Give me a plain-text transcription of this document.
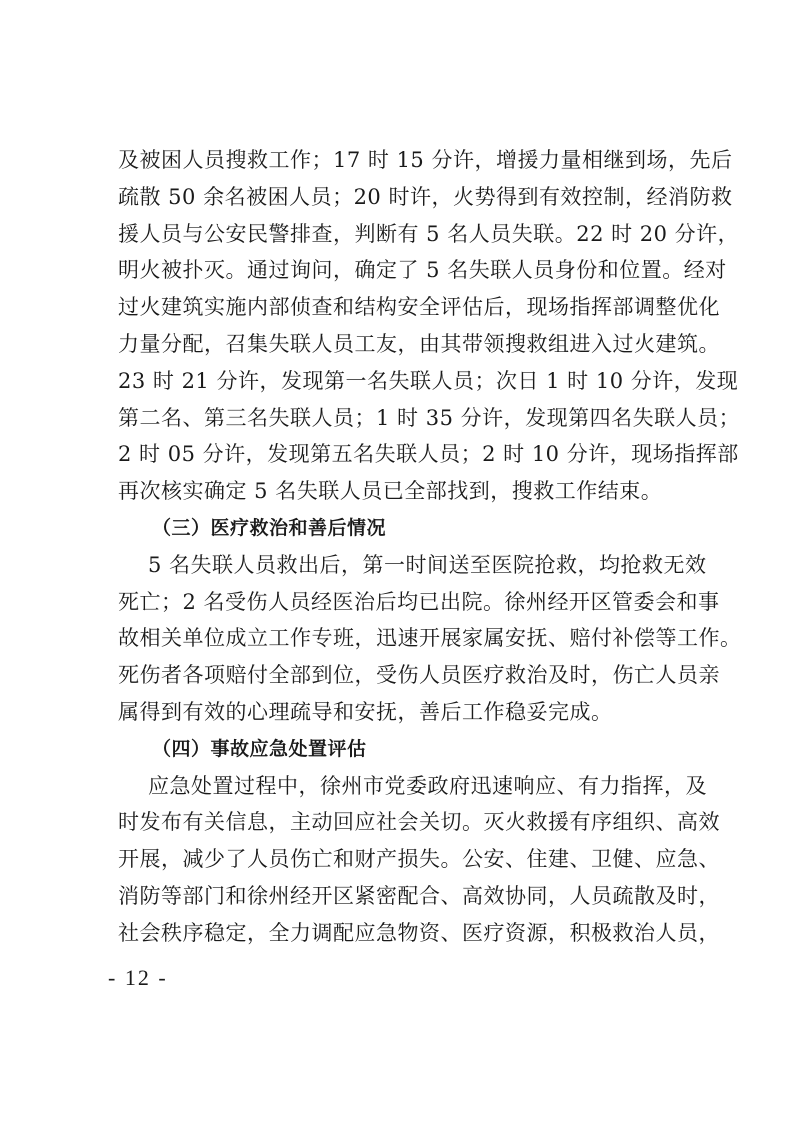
及被困人员搜救工作；17 时 15 分许，增援力量相继到场，先后
疏散 50 余名被困人员；20 时许，火势得到有效控制，经消防救
援人员与公安民警排查，判断有 5 名人员失联。22 时 20 分许，
明火被扑灭。通过询问，确定了 5 名失联人员身份和位置。经对
过火建筑实施内部侦查和结构安全评估后，现场指挥部调整优化
力量分配，召集失联人员工友，由其带领搜救组进入过火建筑。
23 时 21 分许，发现第一名失联人员；次日 1 时 10 分许，发现
第二名、第三名失联人员；1 时 35 分许，发现第四名失联人员；
2 时 05 分许，发现第五名失联人员；2 时 10 分许，现场指挥部
再次核实确定 5 名失联人员已全部找到，搜救工作结束。
（三）医疗救治和善后情况
5 名失联人员救出后，第一时间送至医院抢救，均抢救无效
死亡；2 名受伤人员经医治后均已出院。徐州经开区管委会和事
故相关单位成立工作专班，迅速开展家属安抚、赔付补偿等工作。
死伤者各项赔付全部到位，受伤人员医疗救治及时，伤亡人员亲
属得到有效的心理疏导和安抚，善后工作稳妥完成。
（四）事故应急处置评估
应急处置过程中，徐州市党委政府迅速响应、有力指挥，及
时发布有关信息，主动回应社会关切。灭火救援有序组织、高效
开展，减少了人员伤亡和财产损失。公安、住建、卫健、应急、
消防等部门和徐州经开区紧密配合、高效协同，人员疏散及时，
社会秩序稳定，全力调配应急物资、医疗资源，积极救治人员，
- 12 -
